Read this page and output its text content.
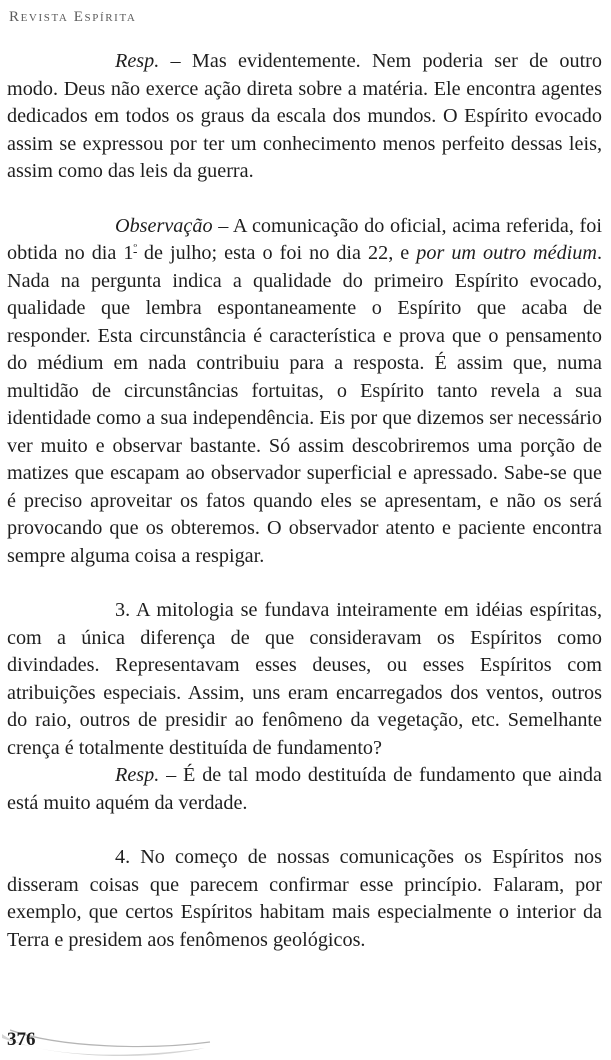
Revista Espírita

Resp. – Mas evidentemente. Nem poderia ser de outro modo. Deus não exerce ação direta sobre a matéria. Ele encontra agentes dedicados em todos os graus da escala dos mundos. O Espírito evocado assim se expressou por ter um conhecimento menos perfeito dessas leis, assim como das leis da guerra.

Observação – A comunicação do oficial, acima referida, foi obtida no dia $1^º$ de julho; esta o foi no dia 22, e por um outro médium. Nada na pergunta indica a qualidade do primeiro Espírito evocado, qualidade que lembra espontaneamente o Espírito que acaba de responder. Esta circunstância é característica e prova que o pensamento do médium em nada contribuiu para a resposta. É assim que, numa multidão de circunstâncias fortuitas, o Espírito tanto revela a sua identidade como a sua independência. Eis por que dizemos ser necessário ver muito e observar bastante. Só assim descobriremos uma porção de matizes que escapam ao observador superficial e apressado. Sabe-se que é preciso aproveitar os fatos quando eles se apresentam, e não os será provocando que os obteremos. O observador atento e paciente encontra sempre alguma coisa a respigar.

3. A mitologia se fundava inteiramente em idéias espíritas, com a única diferença de que consideravam os Espíritos como divindades. Representavam esses deuses, ou esses Espíritos com atribuições especiais. Assim, uns eram encarregados dos ventos, outros do raio, outros de presidir ao fenômeno da vegetação, etc. Semelhante crença é totalmente destituída de fundamento?

Resp. – É de tal modo destituída de fundamento que ainda está muito aquém da verdade.

4. No começo de nossas comunicações os Espíritos nos disseram coisas que parecem confirmar esse princípio. Falaram, por exemplo, que certos Espíritos habitam mais especialmente o interior da Terra e presidem aos fenômenos geológicos.

376
